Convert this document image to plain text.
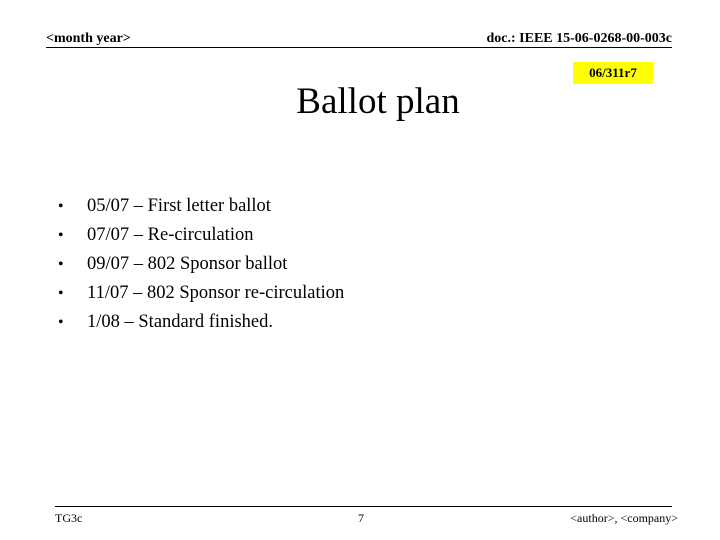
<month year>	doc.: IEEE 15-06-0268-00-003c
06/311r7
Ballot plan
•	05/07 – First letter ballot
•	07/07 – Re-circulation
•	09/07 – 802 Sponsor ballot
•	11/07 – 802 Sponsor re-circulation
•	1/08 – Standard finished.
TG3c	7	<author>, <company>
